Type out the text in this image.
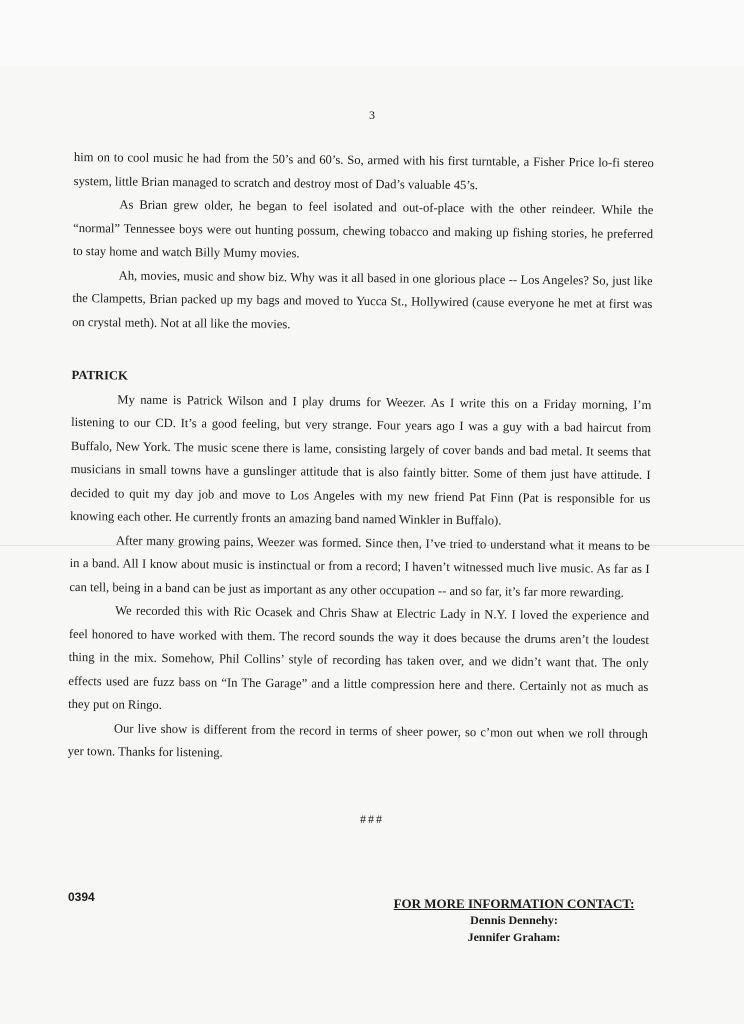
3

him on to cool music he had from the 50’s and 60’s. So, armed with his first turntable, a Fisher Price lo-fi stereo system, little Brian managed to scratch and destroy most of Dad’s valuable 45’s.

As Brian grew older, he began to feel isolated and out-of-place with the other reindeer. While the “normal” Tennessee boys were out hunting possum, chewing tobacco and making up fishing stories, he preferred to stay home and watch Billy Mumy movies.

Ah, movies, music and show biz. Why was it all based in one glorious place -- Los Angeles? So, just like the Clampetts, Brian packed up my bags and moved to Yucca St., Hollywired (cause everyone he met at first was on crystal meth). Not at all like the movies.

PATRICK

My name is Patrick Wilson and I play drums for Weezer. As I write this on a Friday morning, I’m listening to our CD. It’s a good feeling, but very strange. Four years ago I was a guy with a bad haircut from Buffalo, New York. The music scene there is lame, consisting largely of cover bands and bad metal. It seems that musicians in small towns have a gunslinger attitude that is also faintly bitter. Some of them just have attitude. I decided to quit my day job and move to Los Angeles with my new friend Pat Finn (Pat is responsible for us knowing each other. He currently fronts an amazing band named Winkler in Buffalo).

After many growing pains, Weezer was formed. Since then, I’ve tried to understand what it means to be in a band. All I know about music is instinctual or from a record; I haven’t witnessed much live music. As far as I can tell, being in a band can be just as important as any other occupation -- and so far, it’s far more rewarding.

We recorded this with Ric Ocasek and Chris Shaw at Electric Lady in N.Y. I loved the experience and feel honored to have worked with them. The record sounds the way it does because the drums aren’t the loudest thing in the mix. Somehow, Phil Collins’ style of recording has taken over, and we didn’t want that. The only effects used are fuzz bass on “In The Garage” and a little compression here and there. Certainly not as much as they put on Ringo.

Our live show is different from the record in terms of sheer power, so c’mon out when we roll through yer town. Thanks for listening.

###
0394	FOR MORE INFORMATION CONTACT:
Dennis Dennehy:
Jennifer Graham:
